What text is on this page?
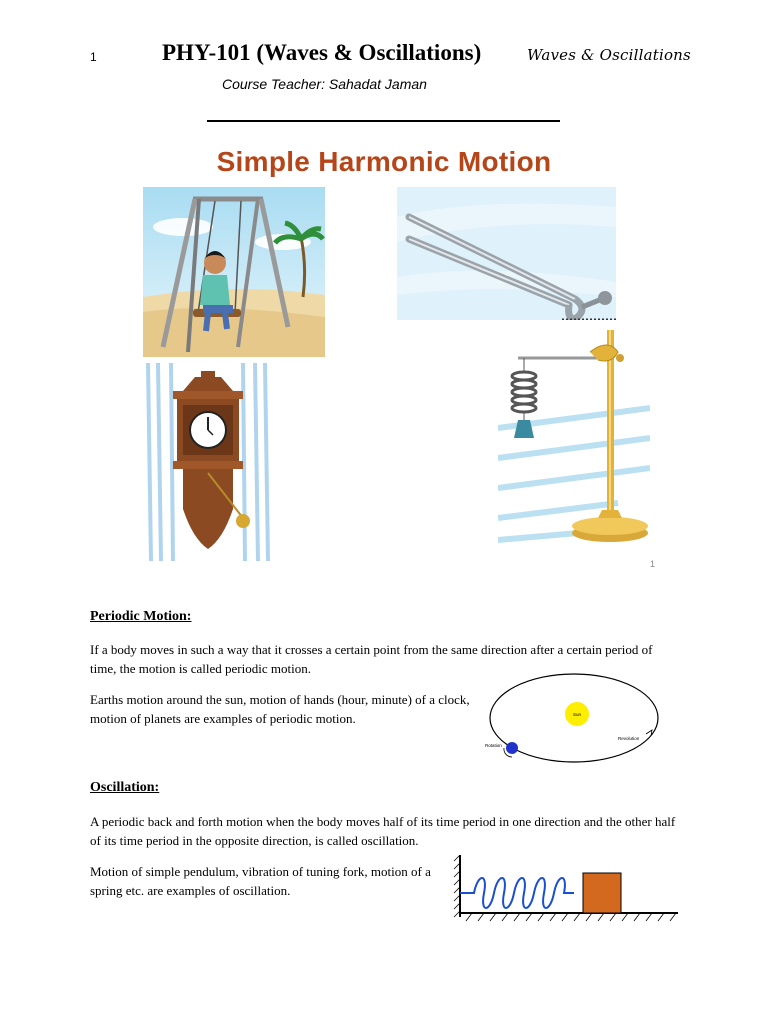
1	PHY-101 (Waves & Oscillations)	Waves & Oscillations
Course Teacher: Sahadat Jaman
Simple Harmonic Motion
1
Periodic Motion:
If a body moves in such a way that it crosses a certain point from the same direction after a certain period of time, the motion is called periodic motion.
Earths motion around the sun, motion of hands (hour, minute) of a clock, motion of planets are examples of periodic motion.	Sun
Rotation
Revolution
Oscillation:
A periodic back and forth motion when the body moves half of its time period in one direction and the other half of its time period in the opposite direction, is called oscillation.
Motion of simple pendulum, vibration of tuning fork, motion of a spring etc. are examples of oscillation.
